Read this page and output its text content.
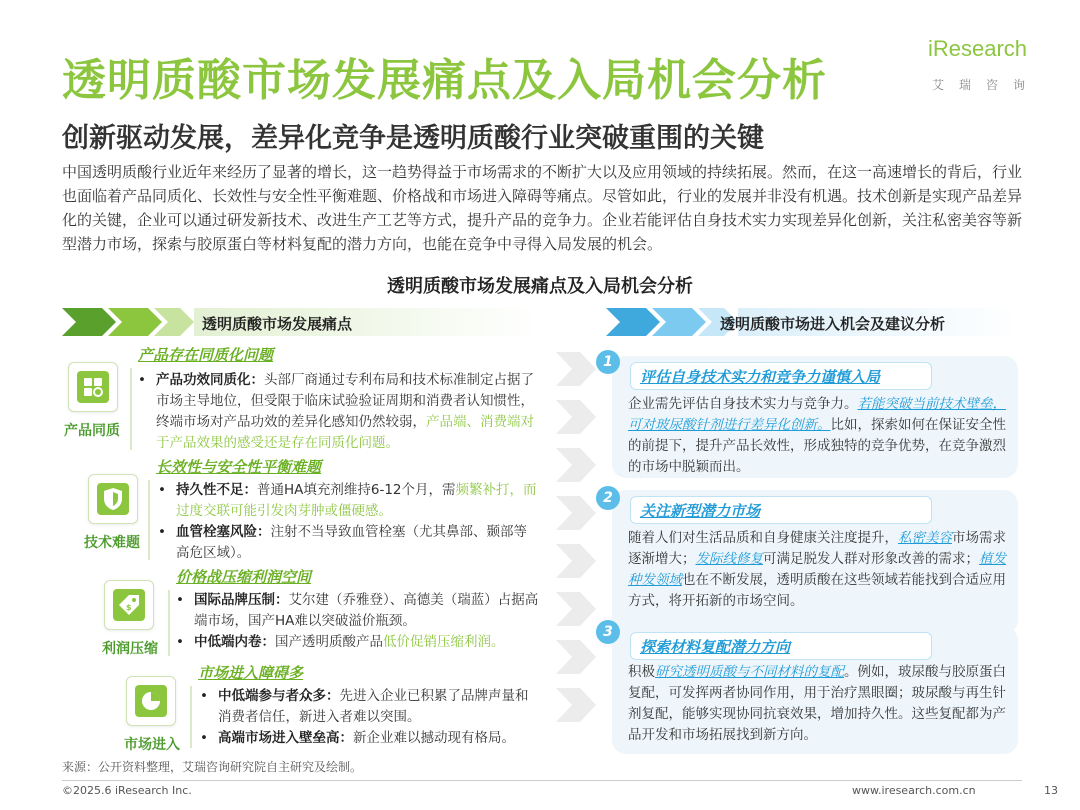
透明质酸市场发展痛点及入局机会分析
iResearch
艾瑞咨询
创新驱动发展，差异化竞争是透明质酸行业突破重围的关键
中国透明质酸行业近年来经历了显著的增长，这一趋势得益于市场需求的不断扩大以及应用领域的持续拓展。然而，在这一高速增长的背后，行业也面临着产品同质化、长效性与安全性平衡难题、价格战和市场进入障碍等痛点。尽管如此，行业的发展并非没有机遇。技术创新是实现产品差异化的关键，企业可以通过研发新技术、改进生产工艺等方式，提升产品的竞争力。企业若能评估自身技术实力实现差异化创新，关注私密美容等新型潜力市场，探索与胶原蛋白等材料复配的潜力方向，也能在竞争中寻得入局发展的机会。
透明质酸市场发展痛点及入局机会分析
透明质酸市场发展痛点	透明质酸市场进入机会及建议分析
产品存在同质化问题
产品同质
• 产品功效同质化：头部厂商通过专利布局和技术标准制定占据了市场主导地位，但受限于临床试验验证周期和消费者认知惯性，终端市场对产品功效的差异化感知仍然较弱，产品端、消费端对于产品效果的感受还是存在同质化问题。
长效性与安全性平衡难题
技术难题
• 持久性不足：普通HA填充剂维持6-12个月，需频繁补打，而过度交联可能引发肉芽肿或僵硬感。
• 血管栓塞风险：注射不当导致血管栓塞（尤其鼻部、颞部等高危区域）。
价格战压缩利润空间
$
利润压缩
• 国际品牌压制：艾尔建（乔雅登）、高德美（瑞蓝）占据高端市场，国产HA难以突破溢价瓶颈。
• 中低端内卷：国产透明质酸产品低价促销压缩利润。
市场进入障碍多
市场进入
• 中低端参与者众多：先进入企业已积累了品牌声量和消费者信任，新进入者难以突围。
• 高端市场进入壁垒高：新企业难以撼动现有格局。
1
评估自身技术实力和竞争力谨慎入局
企业需先评估自身技术实力与竞争力。若能突破当前技术壁垒，可对玻尿酸针剂进行差异化创新。比如，探索如何在保证安全性的前提下，提升产品长效性，形成独特的竞争优势，在竞争激烈的市场中脱颖而出。
2
关注新型潜力市场
随着人们对生活品质和自身健康关注度提升，私密美容市场需求逐渐增大；发际线修复可满足脱发人群对形象改善的需求；植发种发领域也在不断发展，透明质酸在这些领域若能找到合适应用方式，将开拓新的市场空间。
3
探索材料复配潜力方向
积极研究透明质酸与不同材料的复配。例如，玻尿酸与胶原蛋白复配，可发挥两者协同作用，用于治疗黑眼圈；玻尿酸与再生针剂复配，能够实现协同抗衰效果，增加持久性。这些复配都为产品开发和市场拓展找到新方向。
来源：公开资料整理，艾瑞咨询研究院自主研究及绘制。
©2025.6 iResearch Inc.	www.iresearch.com.cn	13
